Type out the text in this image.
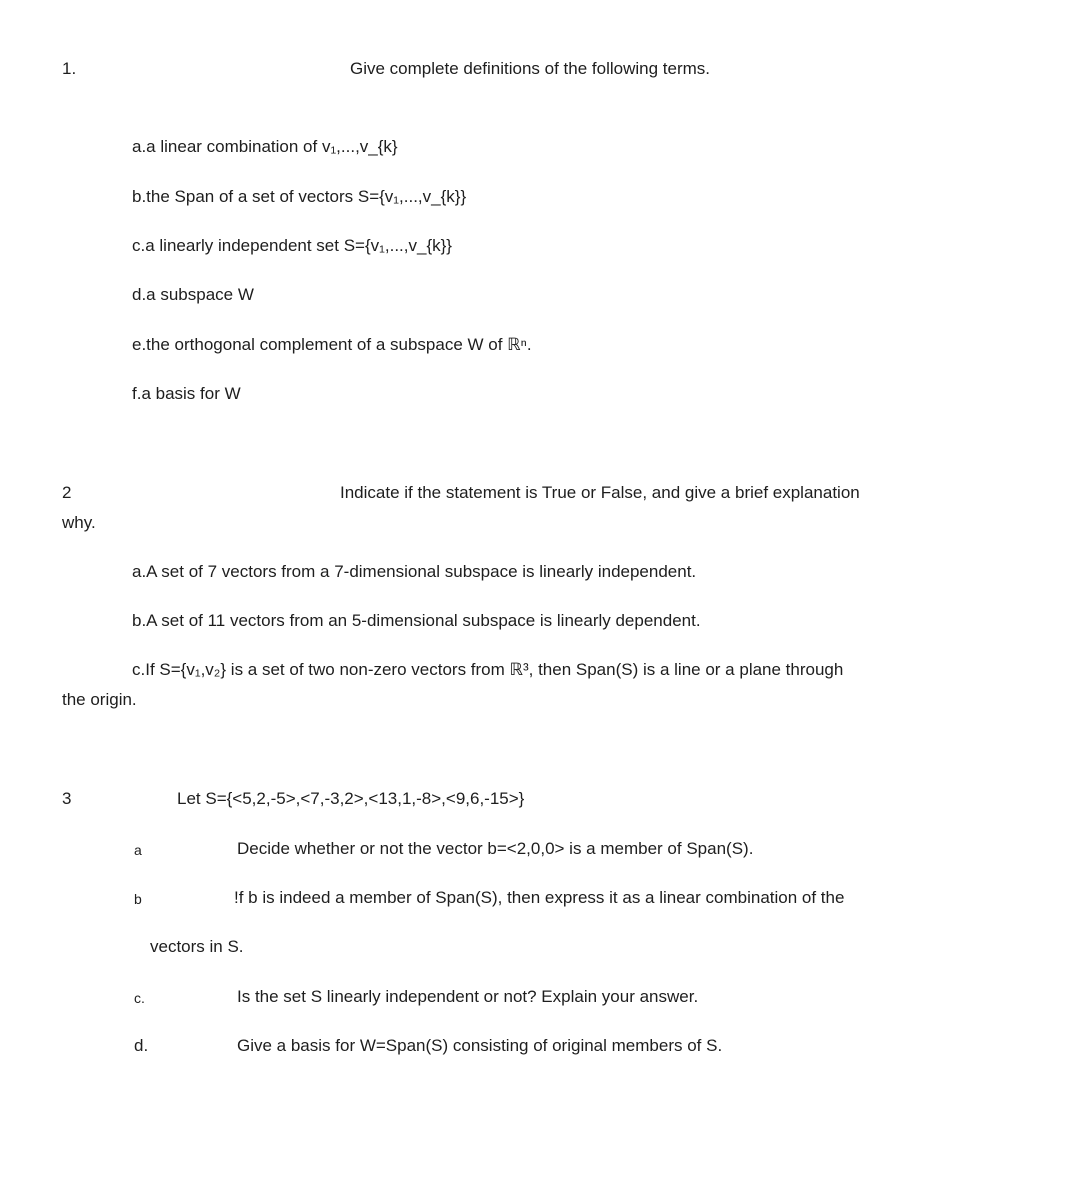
1.	Give complete definitions of the following terms.
a.a linear combination of v₁,...,v_{k}
b.the Span of a set of vectors S={v₁,...,v_{k}}
c.a linearly independent set S={v₁,...,v_{k}}
d.a subspace W
e.the orthogonal complement of a subspace W of ℝⁿ.
f.a basis for W
2	Indicate if the statement is True or False, and give a brief explanation
why.
a.A set of 7 vectors from a 7-dimensional subspace is linearly independent.
b.A set of 11 vectors from an 5-dimensional subspace is linearly dependent.
c.If S={v₁,v₂} is a set of two non-zero vectors from ℝ³, then Span(S) is a line or a plane through
the origin.
3	Let S={<5,2,-5>,<7,-3,2>,<13,1,-8>,<9,6,-15>}
a	Decide whether or not the vector b=<2,0,0> is a member of Span(S).
b	!f b is indeed a member of Span(S), then express it as a linear combination of the
vectors in S.
c.	Is the set S linearly independent or not? Explain your answer.
d.	Give a basis for W=Span(S) consisting of original members of S.
